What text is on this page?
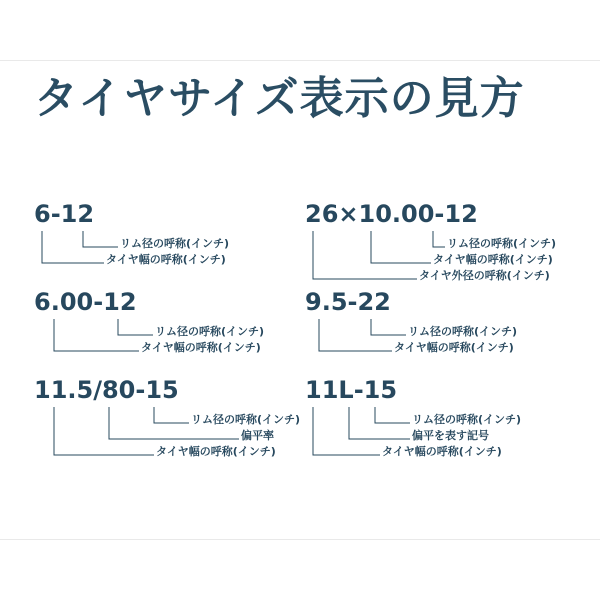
タイヤサイズ表示の見方
6-12
リム径の呼称(インチ)
タイヤ幅の呼称(インチ)
6.00-12
リム径の呼称(インチ)
タイヤ幅の呼称(インチ)
11.5/80-15
リム径の呼称(インチ)
偏平率
タイヤ幅の呼称(インチ)
26×10.00-12
リム径の呼称(インチ)
タイヤ幅の呼称(インチ)
タイヤ外径の呼称(インチ)
9.5-22
リム径の呼称(インチ)
タイヤ幅の呼称(インチ)
11L-15
リム径の呼称(インチ)
偏平を表す記号
タイヤ幅の呼称(インチ)
